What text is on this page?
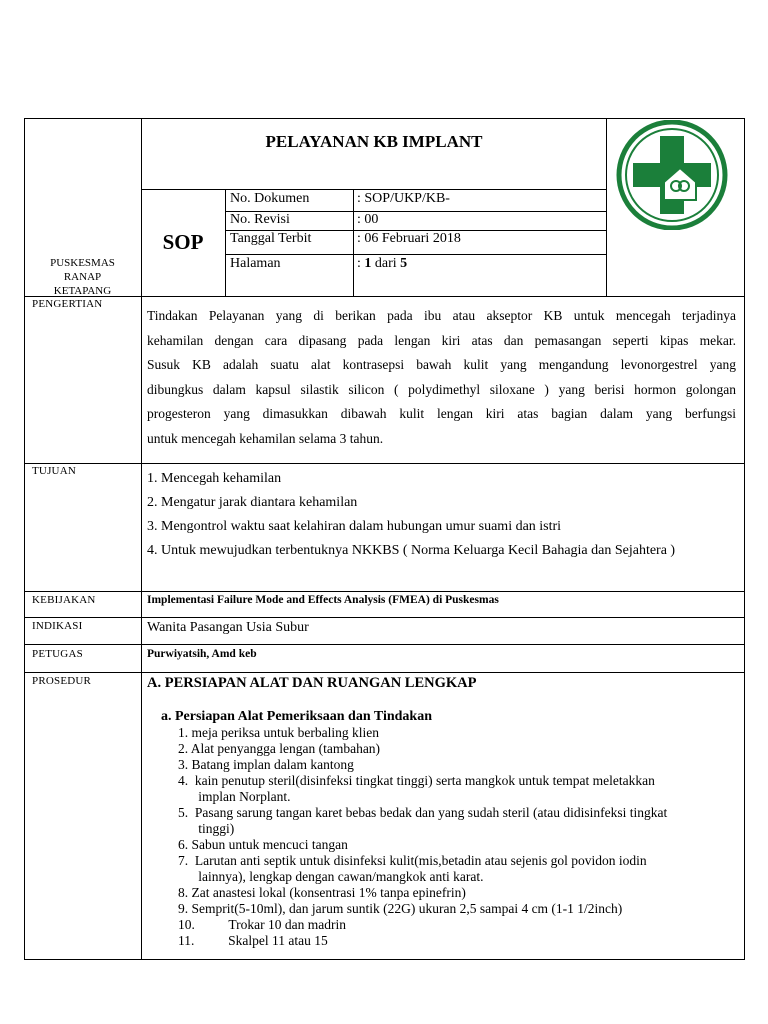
PUSKESMAS
RANAP
KETAPANG
PELAYANAN KB IMPLANT
SOP
No. Dokumen	: SOP/UKP/KB-
No. Revisi	: 00
Tanggal Terbit	: 06 Februari 2018
Halaman	: 1 dari 5
PENGERTIAN
Tindakan Pelayanan yang di berikan pada ibu atau akseptor KB untuk mencegah terjadinya
kehamilan dengan cara dipasang pada lengan kiri atas dan pemasangan seperti kipas mekar.
Susuk KB adalah suatu alat kontrasepsi bawah kulit yang mengandung levonorgestrel yang
dibungkus dalam kapsul silastik silicon ( polydimethyl siloxane ) yang berisi hormon golongan
progesteron yang dimasukkan dibawah kulit lengan kiri atas bagian dalam yang berfungsi
untuk mencegah kehamilan selama 3 tahun.
TUJUAN	1. Mencegah kehamilan
2. Mengatur jarak diantara kehamilan
3. Mengontrol waktu saat kelahiran dalam hubungan umur suami dan istri
4. Untuk mewujudkan terbentuknya NKKBS ( Norma Keluarga Kecil Bahagia dan Sejahtera )
KEBIJAKAN	Implementasi Failure Mode and Effects Analysis (FMEA) di Puskesmas
INDIKASI	Wanita Pasangan Usia Subur
PETUGAS	Purwiyatsih, Amd keb
PROSEDUR	A. PERSIAPAN ALAT DAN RUANGAN LENGKAP
a. Persiapan Alat Pemeriksaan dan Tindakan
1. meja periksa untuk berbaling klien
2. Alat penyangga lengan (tambahan)
3. Batang implan dalam kantong
4.  kain penutup steril(disinfeksi tingkat tinggi) serta mangkok untuk tempat meletakkan
implan Norplant.
5.  Pasang sarung tangan karet bebas bedak dan yang sudah steril (atau didisinfeksi tingkat
tinggi)
6. Sabun untuk mencuci tangan
7.  Larutan anti septik untuk disinfeksi kulit(mis,betadin atau sejenis gol povidon iodin
lainnya), lengkap dengan cawan/mangkok anti karat.
8. Zat anastesi lokal (konsentrasi 1% tanpa epinefrin)
9. Semprit(5-10ml), dan jarum suntik (22G) ukuran 2,5 sampai 4 cm (1-1 1/2inch)
10.          Trokar 10 dan madrin
11.          Skalpel 11 atau 15
